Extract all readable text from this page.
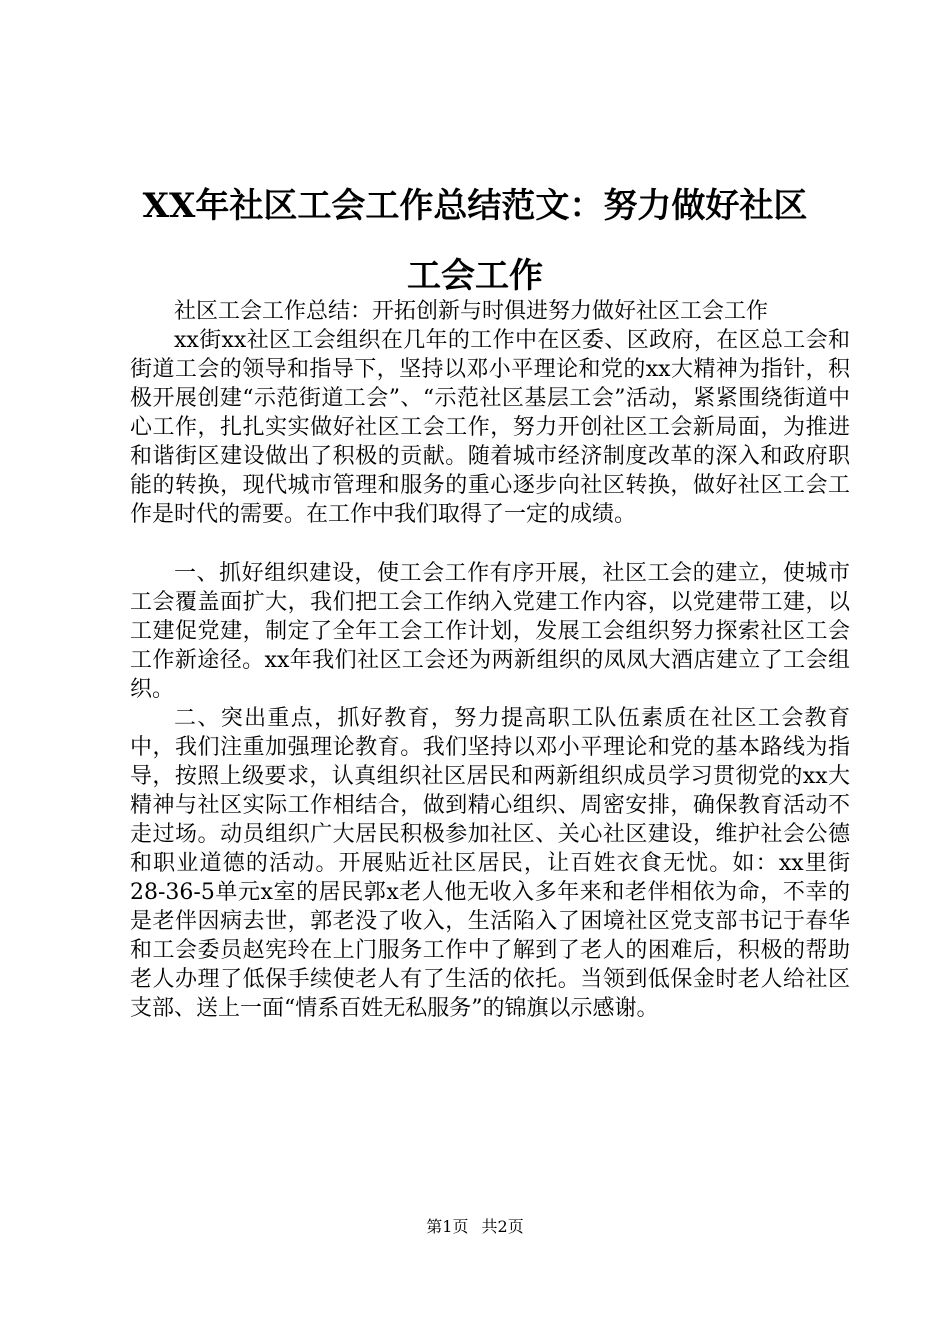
XX年社区工会工作总结范文：努力做好社区
工会工作

社区工会工作总结：开拓创新与时俱进努力做好社区工会工作

xx街xx社区工会组织在几年的工作中在区委、区政府，在区总工会和街道工会的领导和指导下，坚持以邓小平理论和党的xx大精神为指针，积极开展创建“示范街道工会”、“示范社区基层工会”活动，紧紧围绕街道中心工作，扎扎实实做好社区工会工作，努力开创社区工会新局面，为推进和谐街区建设做出了积极的贡献。随着城市经济制度改革的深入和政府职能的转换，现代城市管理和服务的重心逐步向社区转换，做好社区工会工作是时代的需要。在工作中我们取得了一定的成绩。

一、抓好组织建设，使工会工作有序开展，社区工会的建立，使城市工会覆盖面扩大，我们把工会工作纳入党建工作内容，以党建带工建，以工建促党建，制定了全年工会工作计划，发展工会组织努力探索社区工会工作新途径。xx年我们社区工会还为两新组织的凤凤大酒店建立了工会组织。

二、突出重点，抓好教育，努力提高职工队伍素质在社区工会教育中，我们注重加强理论教育。我们坚持以邓小平理论和党的基本路线为指导，按照上级要求，认真组织社区居民和两新组织成员学习贯彻党的xx大精神与社区实际工作相结合，做到精心组织、周密安排，确保教育活动不走过场。动员组织广大居民积极参加社区、关心社区建设，维护社会公德和职业道德的活动。开展贴近社区居民，让百姓衣食无忧。如：xx里街28-36-5单元x室的居民郭x老人他无收入多年来和老伴相依为命，不幸的是老伴因病去世，郭老没了收入，生活陷入了困境社区党支部书记于春华和工会委员赵宪玲在上门服务工作中了解到了老人的困难后，积极的帮助老人办理了低保手续使老人有了生活的依托。当领到低保金时老人给社区支部、送上一面“情系百姓无私服务”的锦旗以示感谢。

第1页 共2页
